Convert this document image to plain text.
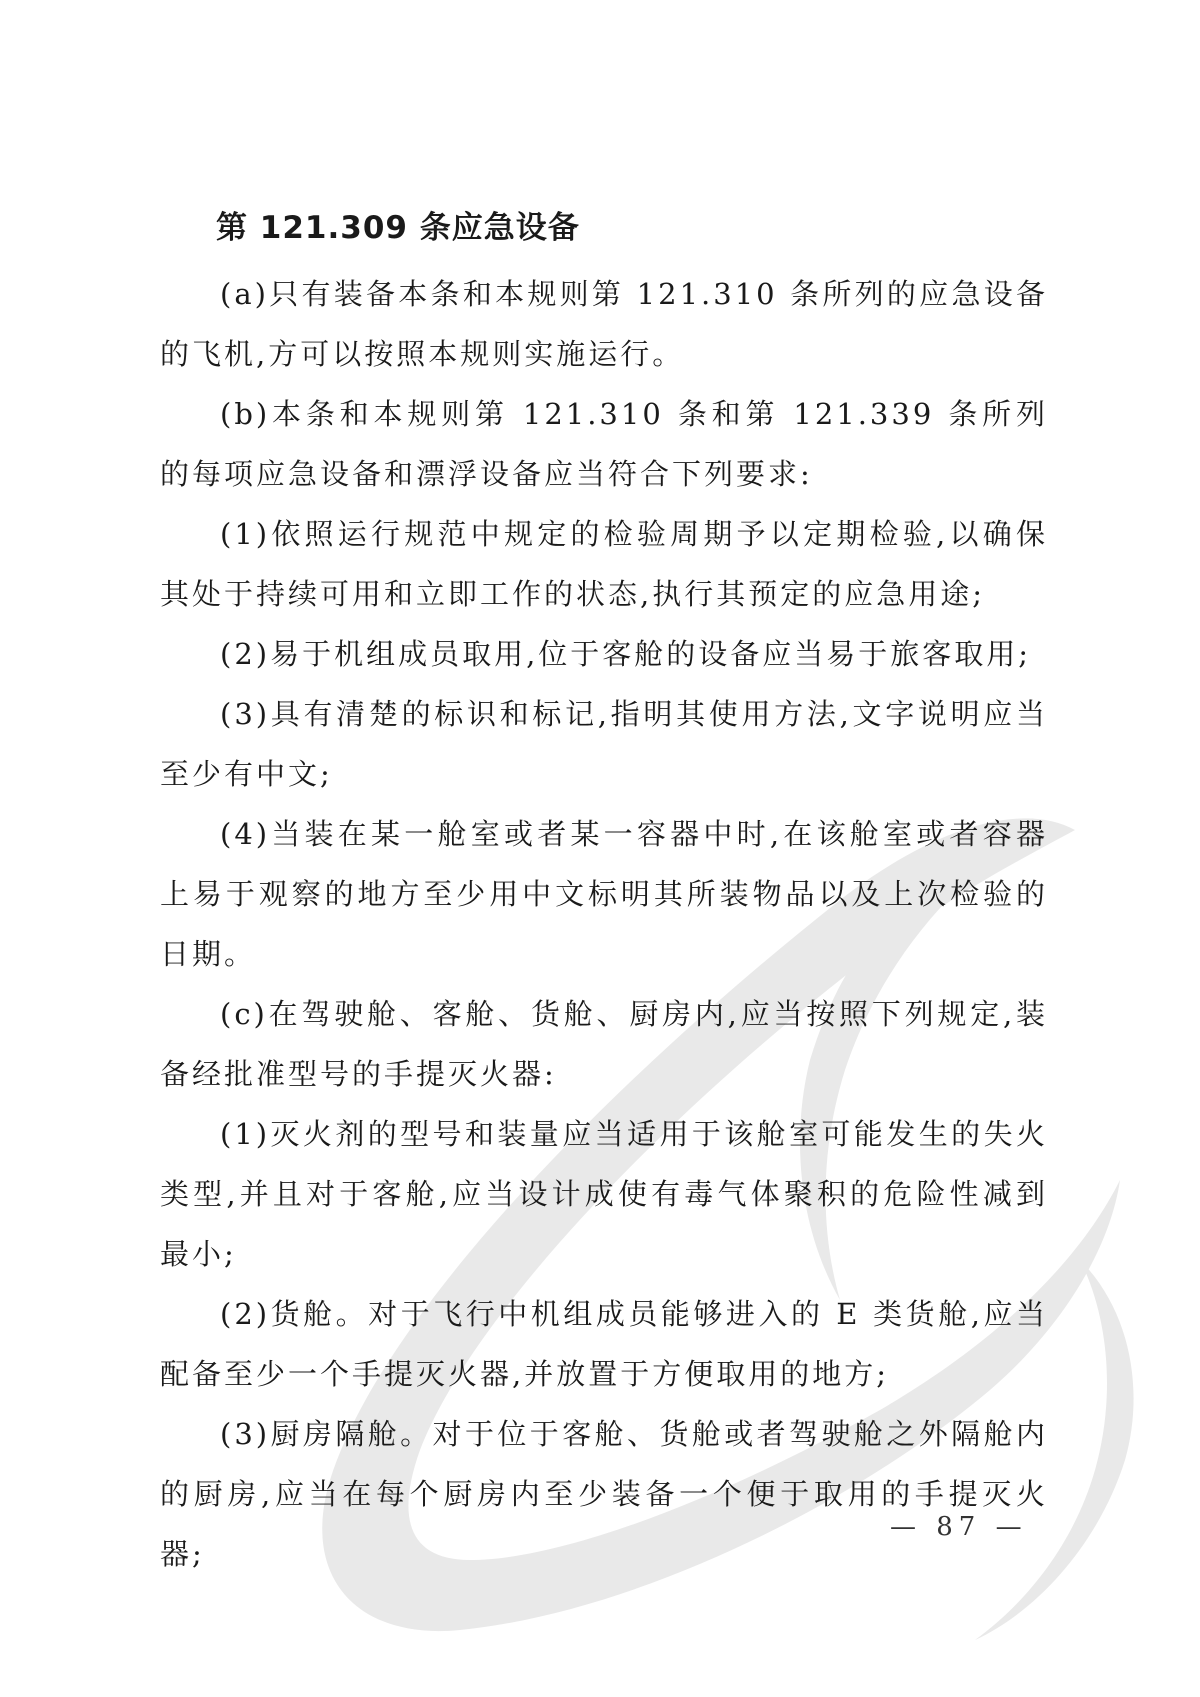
第 121.309 条应急设备

(a)只有装备本条和本规则第 121.310 条所列的应急设备的飞机,方可以按照本规则实施运行。

(b)本条和本规则第 121.310 条和第 121.339 条所列的每项应急设备和漂浮设备应当符合下列要求:

(1)依照运行规范中规定的检验周期予以定期检验,以确保其处于持续可用和立即工作的状态,执行其预定的应急用途;

(2)易于机组成员取用,位于客舱的设备应当易于旅客取用;

(3)具有清楚的标识和标记,指明其使用方法,文字说明应当至少有中文;

(4)当装在某一舱室或者某一容器中时,在该舱室或者容器上易于观察的地方至少用中文标明其所装物品以及上次检验的日期。

(c)在驾驶舱、客舱、货舱、厨房内,应当按照下列规定,装备经批准型号的手提灭火器:

(1)灭火剂的型号和装量应当适用于该舱室可能发生的失火类型,并且对于客舱,应当设计成使有毒气体聚积的危险性减到最小;

(2)货舱。对于飞行中机组成员能够进入的 E 类货舱,应当配备至少一个手提灭火器,并放置于方便取用的地方;

(3)厨房隔舱。对于位于客舱、货舱或者驾驶舱之外隔舱内的厨房,应当在每个厨房内至少装备一个便于取用的手提灭火器;

— 87 —
